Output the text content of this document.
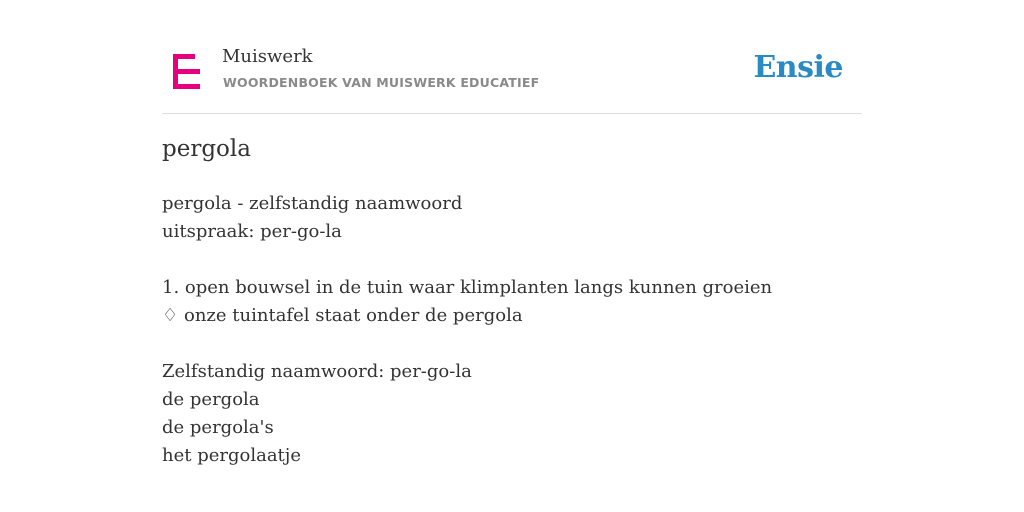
Muiswerk
WOORDENBOEK VAN MUISWERK EDUCATIEF	Ensie
pergola
pergola - zelfstandig naamwoord
uitspraak: per-go-la
1. open bouwsel in de tuin waar klimplanten langs kunnen groeien
♢ onze tuintafel staat onder de pergola
Zelfstandig naamwoord: per-go-la
de pergola
de pergola's
het pergolaatje
